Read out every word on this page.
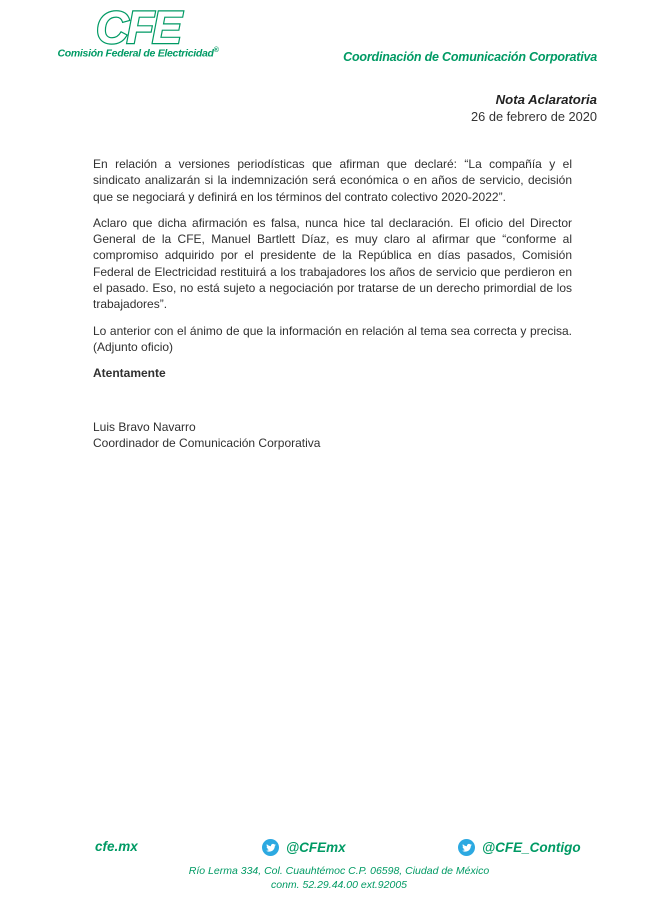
CFE
Comisión Federal de Electricidad®	Coordinación de Comunicación Corporativa
Nota Aclaratoria
26 de febrero de 2020

En relación a versiones periodísticas que afirman que declaré: “La compañía y el sindicato analizarán si la indemnización será económica o en años de servicio, decisión que se negociará y definirá en los términos del contrato colectivo 2020-2022”.

Aclaro que dicha afirmación es falsa, nunca hice tal declaración. El oficio del Director General de la CFE, Manuel Bartlett Díaz, es muy claro al afirmar que “conforme al compromiso adquirido por el presidente de la República en días pasados, Comisión Federal de Electricidad restituirá a los trabajadores los años de servicio que perdieron en el pasado. Eso, no está sujeto a negociación por tratarse de un derecho primordial de los trabajadores”.

Lo anterior con el ánimo de que la información en relación al tema sea correcta y precisa. (Adjunto oficio)

Atentamente

Luis Bravo Navarro
Coordinador de Comunicación Corporativa
cfe.mx	@CFEmx	@CFE_Contigo
Río Lerma 334, Col. Cuauhtémoc C.P. 06598, Ciudad de México
conm. 52.29.44.00 ext.92005
